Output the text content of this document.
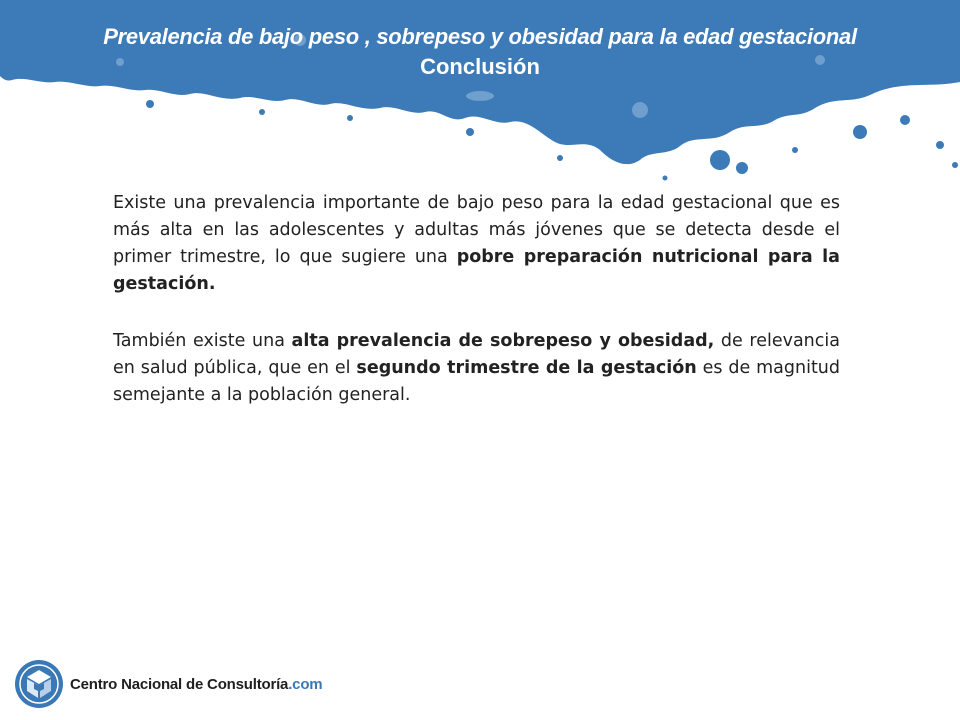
Prevalencia de bajo peso , sobrepeso y obesidad para la edad gestacional
Conclusión

Existe una prevalencia importante de bajo peso para la edad gestacional que es más alta en las adolescentes y adultas más jóvenes que se detecta desde el primer trimestre, lo que sugiere una pobre preparación nutricional para la gestación.

También existe una alta prevalencia de sobrepeso y obesidad, de relevancia en salud pública, que en el segundo trimestre de la gestación es de magnitud semejante a la población general.

Centro Nacional de Consultoría.com
